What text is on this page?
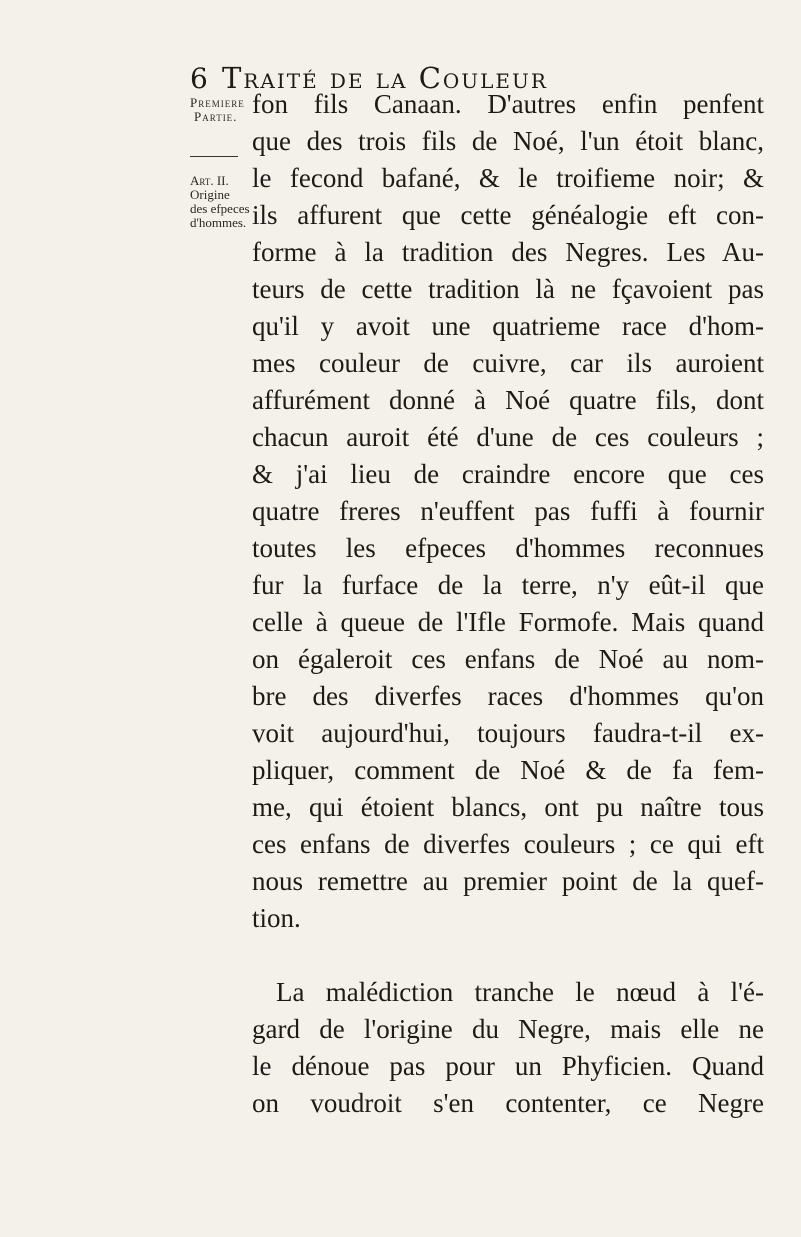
6 Traité de la Couleur
Premiere
Partie.
Art. II.
Origine
des efpeces
d'hommes.
fon fils Canaan. D'autres enfin penfent
que des trois fils de Noé, l'un étoit blanc,
le fecond bafané, & le troifieme noir; &
ils affurent que cette généalogie eft con-
forme à la tradition des Negres. Les Au-
teurs de cette tradition là ne fçavoient pas
qu'il y avoit une quatrieme race d'hom-
mes couleur de cuivre, car ils auroient
affurément donné à Noé quatre fils, dont
chacun auroit été d'une de ces couleurs ;
& j'ai lieu de craindre encore que ces
quatre freres n'euffent pas fuffi à fournir
toutes les efpeces d'hommes reconnues
fur la furface de la terre, n'y eût-il que
celle à queue de l'Ifle Formofe. Mais quand
on égaleroit ces enfans de Noé au nom-
bre des diverfes races d'hommes qu'on
voit aujourd'hui, toujours faudra-t-il ex-
pliquer, comment de Noé & de fa fem-
me, qui étoient blancs, ont pu naître tous
ces enfans de diverfes couleurs ; ce qui eft
nous remettre au premier point de la quef-
tion.
La malédiction tranche le nœud à l'é-
gard de l'origine du Negre, mais elle ne
le dénoue pas pour un Phyficien. Quand
on voudroit s'en contenter, ce Negre
